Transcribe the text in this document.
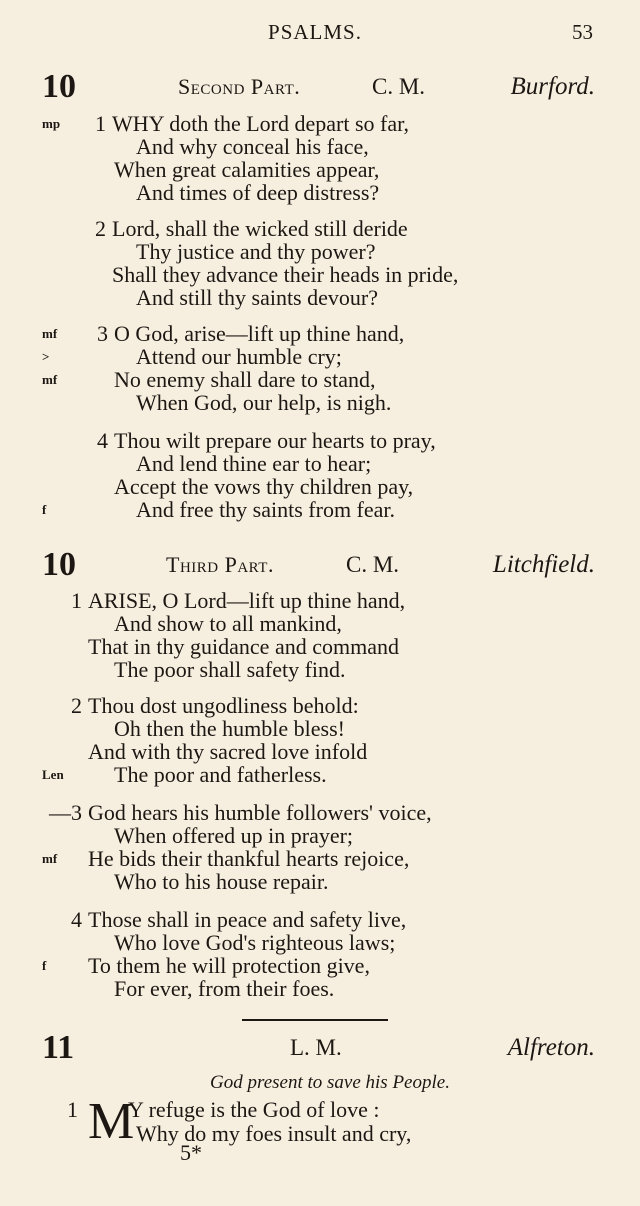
PSALMS.	53
10	Second Part.	C. M.	Burford.
mp	1 WHY doth the Lord depart so far,
And why conceal his face,
When great calamities appear,
And times of deep distress?
2 Lord, shall the wicked still deride
Thy justice and thy power?
Shall they advance their heads in pride,
And still thy saints devour?
mf	3 O God, arise—lift up thine hand,
>	Attend our humble cry;
mf	No enemy shall dare to stand,
When God, our help, is nigh.
4 Thou wilt prepare our hearts to pray,
And lend thine ear to hear;
Accept the vows thy children pay,
f	And free thy saints from fear.
10	Third Part.	C. M.	Litchfield.
1 ARISE, O Lord—lift up thine hand,
And show to all mankind,
That in thy guidance and command
The poor shall safety find.
2 Thou dost ungodliness behold:
Oh then the humble bless!
And with thy sacred love infold
Len The poor and fatherless.
—3 God hears his humble followers' voice,
When offered up in prayer;
mf He bids their thankful hearts rejoice,
Who to his house repair.
4 Those shall in peace and safety live,
Who love God's righteous laws;
f To them he will protection give,
For ever, from their foes.
11	L. M.	Alfreton.
God present to save his People.
1 Y refuge is the God of love :
M Why do my foes insult and cry,
5*
